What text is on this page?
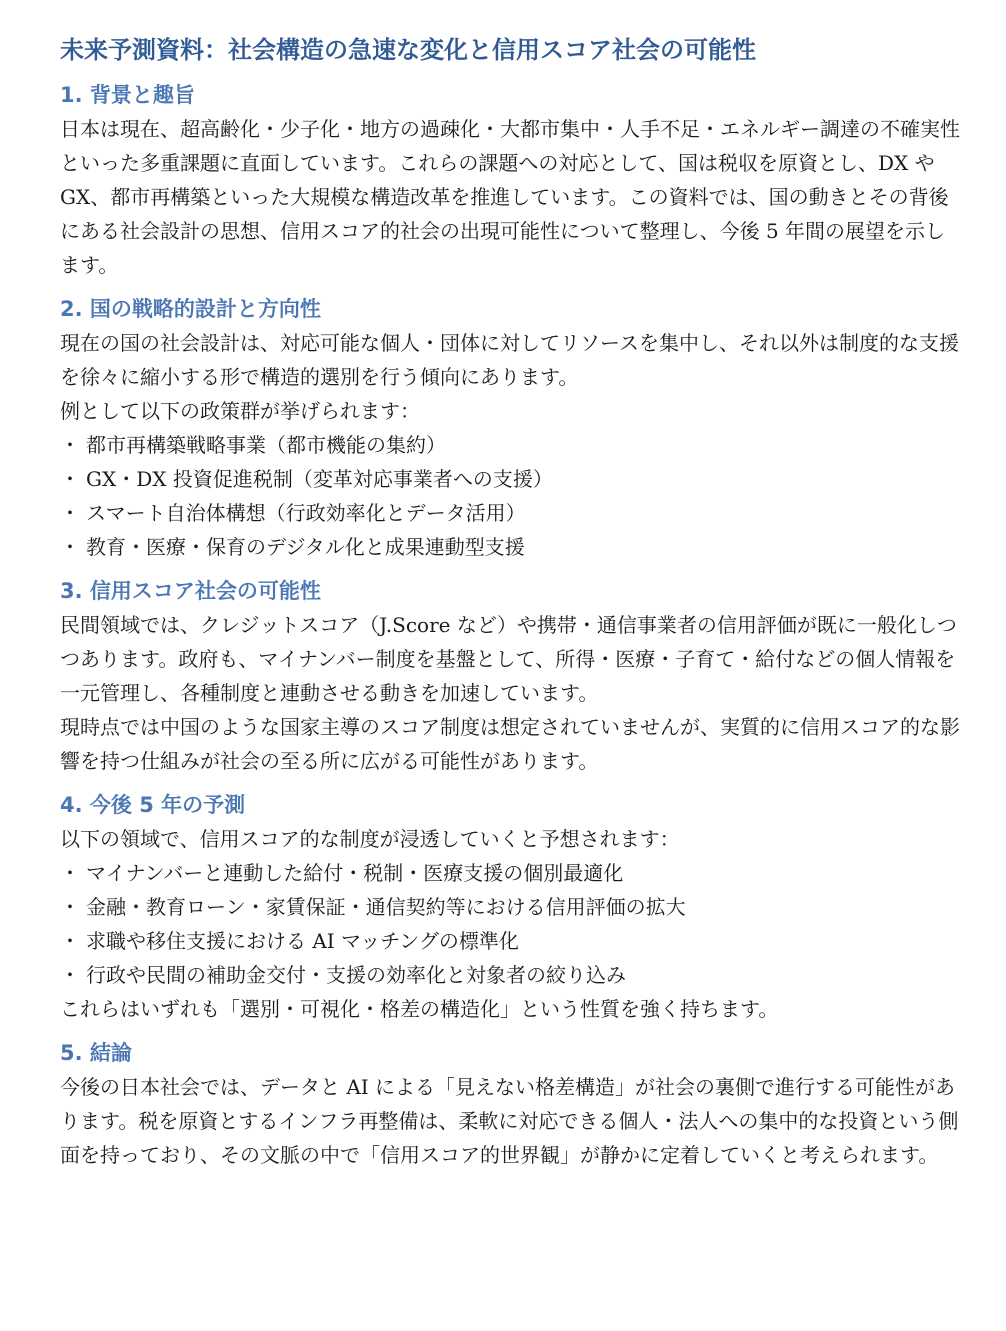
未来予測資料：社会構造の急速な変化と信用スコア社会の可能性
1. 背景と趣旨

日本は現在、超高齢化・少子化・地方の過疎化・大都市集中・人手不足・エネルギー調達の不確実性といった多重課題に直面しています。これらの課題への対応として、国は税収を原資とし、DX や GX、都市再構築といった大規模な構造改革を推進しています。この資料では、国の動きとその背後にある社会設計の思想、信用スコア的社会の出現可能性について整理し、今後 5 年間の展望を示します。

2. 国の戦略的設計と方向性

現在の国の社会設計は、対応可能な個人・団体に対してリソースを集中し、それ以外は制度的な支援を徐々に縮小する形で構造的選別を行う傾向にあります。

例として以下の政策群が挙げられます：

・ 都市再構築戦略事業（都市機能の集約）
・ GX・DX 投資促進税制（変革対応事業者への支援）
・ スマート自治体構想（行政効率化とデータ活用）
・ 教育・医療・保育のデジタル化と成果連動型支援
3. 信用スコア社会の可能性

民間領域では、クレジットスコア（J.Score など）や携帯・通信事業者の信用評価が既に一般化しつつあります。政府も、マイナンバー制度を基盤として、所得・医療・子育て・給付などの個人情報を一元管理し、各種制度と連動させる動きを加速しています。

現時点では中国のような国家主導のスコア制度は想定されていませんが、実質的に信用スコア的な影響を持つ仕組みが社会の至る所に広がる可能性があります。

4. 今後 5 年の予測

以下の領域で、信用スコア的な制度が浸透していくと予想されます：

・ マイナンバーと連動した給付・税制・医療支援の個別最適化
・ 金融・教育ローン・家賃保証・通信契約等における信用評価の拡大
・ 求職や移住支援における AI マッチングの標準化
・ 行政や民間の補助金交付・支援の効率化と対象者の絞り込み

これらはいずれも「選別・可視化・格差の構造化」という性質を強く持ちます。

5. 結論

今後の日本社会では、データと AI による「見えない格差構造」が社会の裏側で進行する可能性があります。税を原資とするインフラ再整備は、柔軟に対応できる個人・法人への集中的な投資という側面を持っており、その文脈の中で「信用スコア的世界観」が静かに定着していくと考えられます。
